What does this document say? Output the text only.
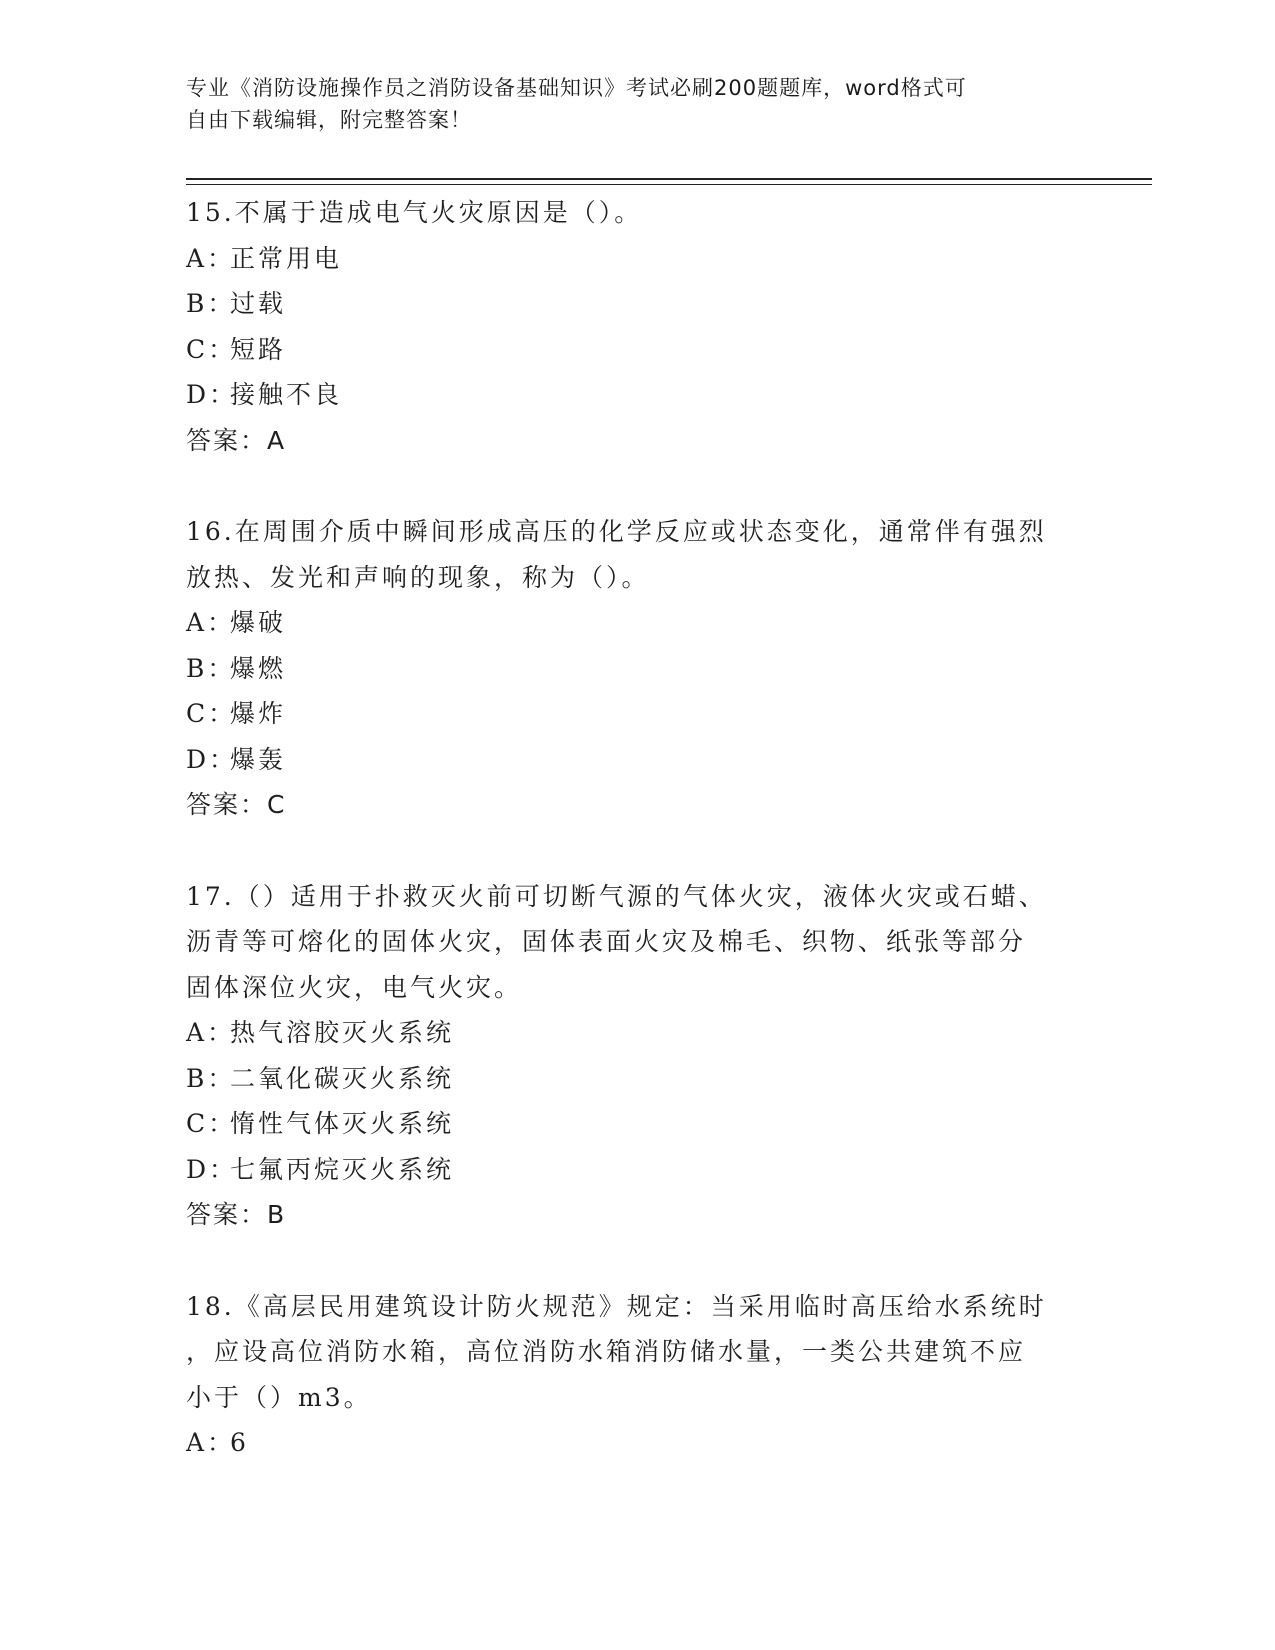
专业《消防设施操作员之消防设备基础知识》考试必刷200题题库，word格式可
自由下载编辑，附完整答案！

15.不属于造成电气火灾原因是（）。

A：正常用电

B：过载

C：短路

D：接触不良

答案：A

16.在周围介质中瞬间形成高压的化学反应或状态变化，通常伴有强烈

放热、发光和声响的现象，称为（）。

A：爆破

B：爆燃

C：爆炸

D：爆轰

答案：C

17.（）适用于扑救灭火前可切断气源的气体火灾，液体火灾或石蜡、

沥青等可熔化的固体火灾，固体表面火灾及棉毛、织物、纸张等部分

固体深位火灾，电气火灾。

A：热气溶胶灭火系统

B：二氧化碳灭火系统

C：惰性气体灭火系统

D：七氟丙烷灭火系统

答案：B

18.《高层民用建筑设计防火规范》规定：当采用临时高压给水系统时

，应设高位消防水箱，高位消防水箱消防储水量，一类公共建筑不应

小于（）m3。

A：6
